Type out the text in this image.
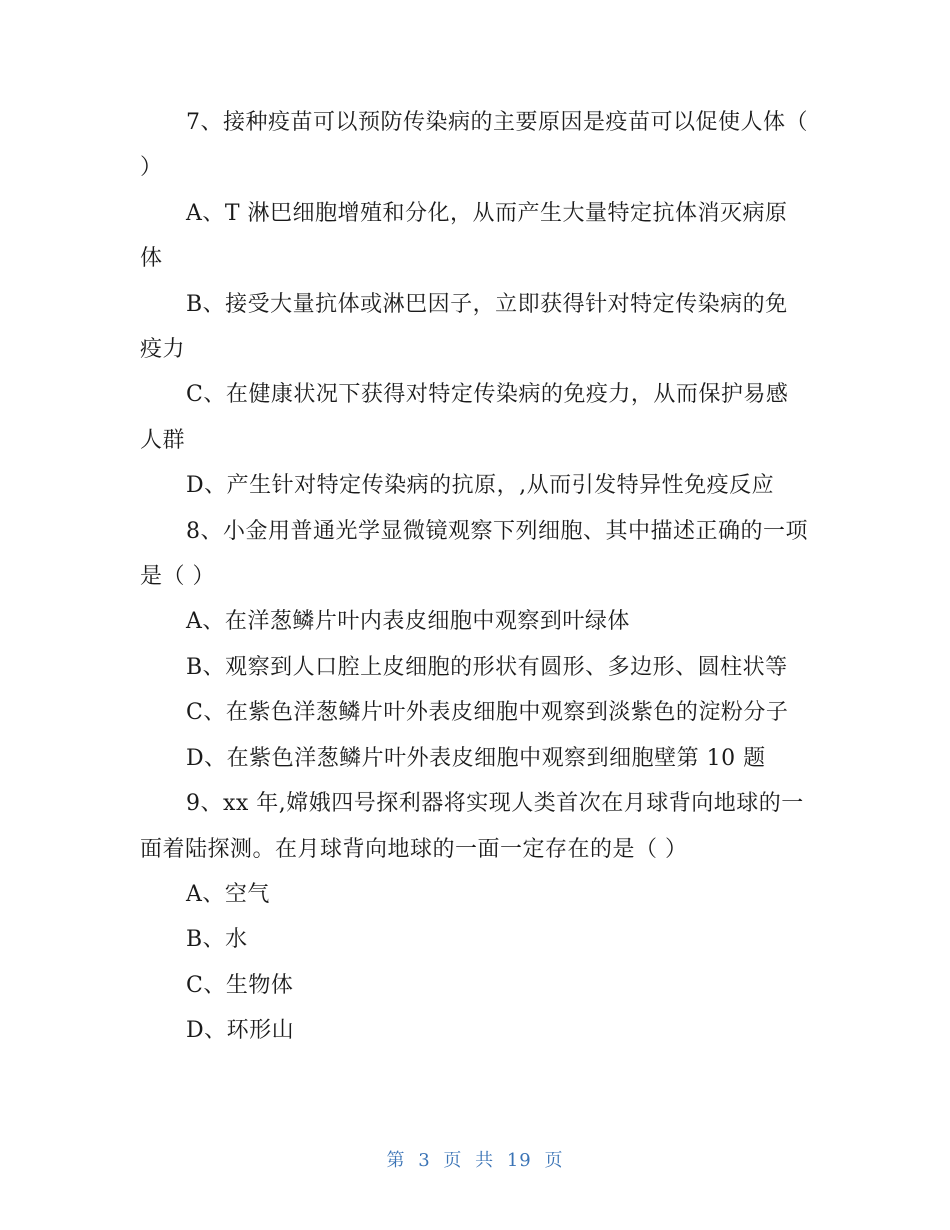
7、接种疫苗可以预防传染病的主要原因是疫苗可以促使人体（ ）

A、T 淋巴细胞增殖和分化，从而产生大量特定抗体消灭病原体

B、接受大量抗体或淋巴因子，立即获得针对特定传染病的免疫力

C、在健康状况下获得对特定传染病的免疫力，从而保护易感人群

D、产生针对特定传染病的抗原，,从而引发特异性免疫反应

8、小金用普通光学显微镜观察下列细胞、其中描述正确的一项是（ ）

A、在洋葱鳞片叶内表皮细胞中观察到叶绿体

B、观察到人口腔上皮细胞的形状有圆形、多边形、圆柱状等

C、在紫色洋葱鳞片叶外表皮细胞中观察到淡紫色的淀粉分子

D、在紫色洋葱鳞片叶外表皮细胞中观察到细胞壁第 10 题

9、xx 年,嫦娥四号探利器将实现人类首次在月球背向地球的一面着陆探测。在月球背向地球的一面一定存在的是（ ）

A、空气

B、水

C、生物体

D、环形山

第 3 页 共 19 页
